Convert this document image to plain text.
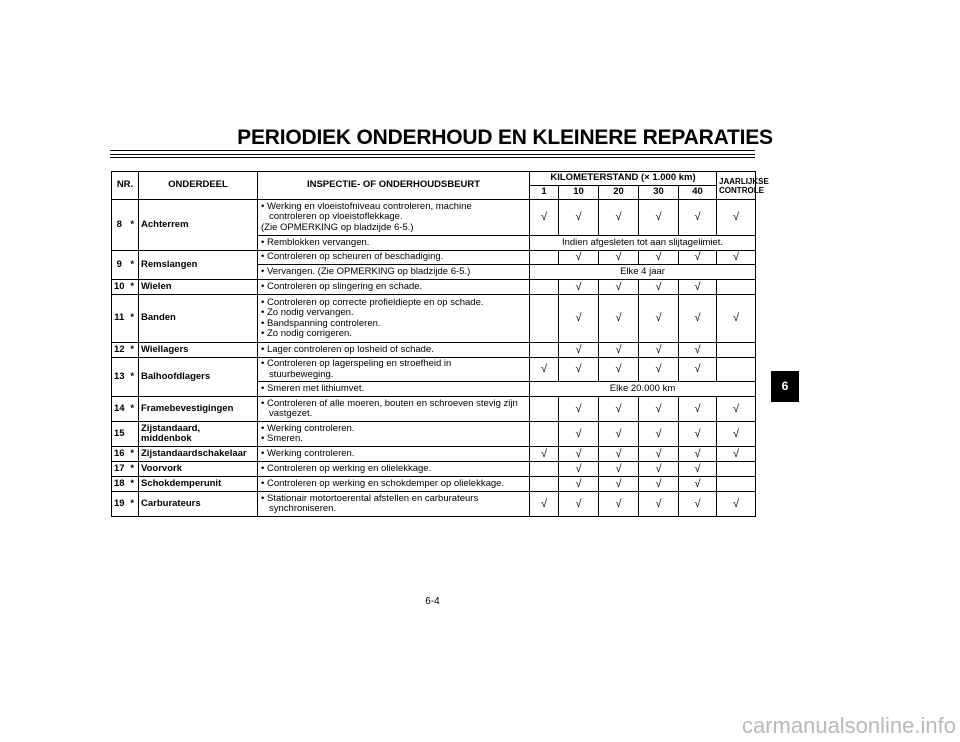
PERIODIEK ONDERHOUD EN KLEINERE REPARATIES
NR.		ONDERDEEL	INSPECTIE- OF ONDERHOUDSBEURT	KILOMETERSTAND (× 1.000 km)					JAARLIJKSE
CONTROLE
				1	10	20	30	40	
8	*	Achterrem	• Werking en vloeistofniveau controleren, machine
controleren op vloeistoflekkage.
(Zie OPMERKING op bladzijde 6-5.)	√	√	√	√	√	√
			• Remblokken vervangen.	Indien afgesleten tot aan slijtagelimiet.					
9	*	Remslangen	• Controleren op scheuren of beschadiging.		√	√	√	√	√
			• Vervangen. (Zie OPMERKING op bladzijde 6-5.)	Elke 4 jaar					
10	*	Wielen	• Controleren op slingering en schade.		√	√	√	√	
11	*	Banden	• Controleren op correcte profieldiepte en op schade.
• Zo nodig vervangen.
• Bandspanning controleren.
• Zo nodig corrigeren.		√	√	√	√	√
12	*	Wiellagers	• Lager controleren op losheid of schade.		√	√	√	√	
13	*	Balhoofdlagers	• Controleren op lagerspeling en stroefheid in
stuurbeweging.	√	√	√	√	√	
			• Smeren met lithiumvet.	Elke 20.000 km					
14	*	Framebevestigingen	• Controleren of alle moeren, bouten en schroeven stevig zijn
vastgezet.		√	√	√	√	√
15		Zijstandaard,
middenbok	• Werking controleren.
• Smeren.		√	√	√	√	√
16	*	Zijstandaardschakelaar	• Werking controleren.	√	√	√	√	√	√
17	*	Voorvork	• Controleren op werking en olielekkage.		√	√	√	√	
18	*	Schokdemperunit	• Controleren op werking en schokdemper op olielekkage.		√	√	√	√	
19	*	Carburateurs	• Stationair motortoerental afstellen en carburateurs
synchroniseren.	√	√	√	√	√	√
6
6-4
carmanualsonline.info
